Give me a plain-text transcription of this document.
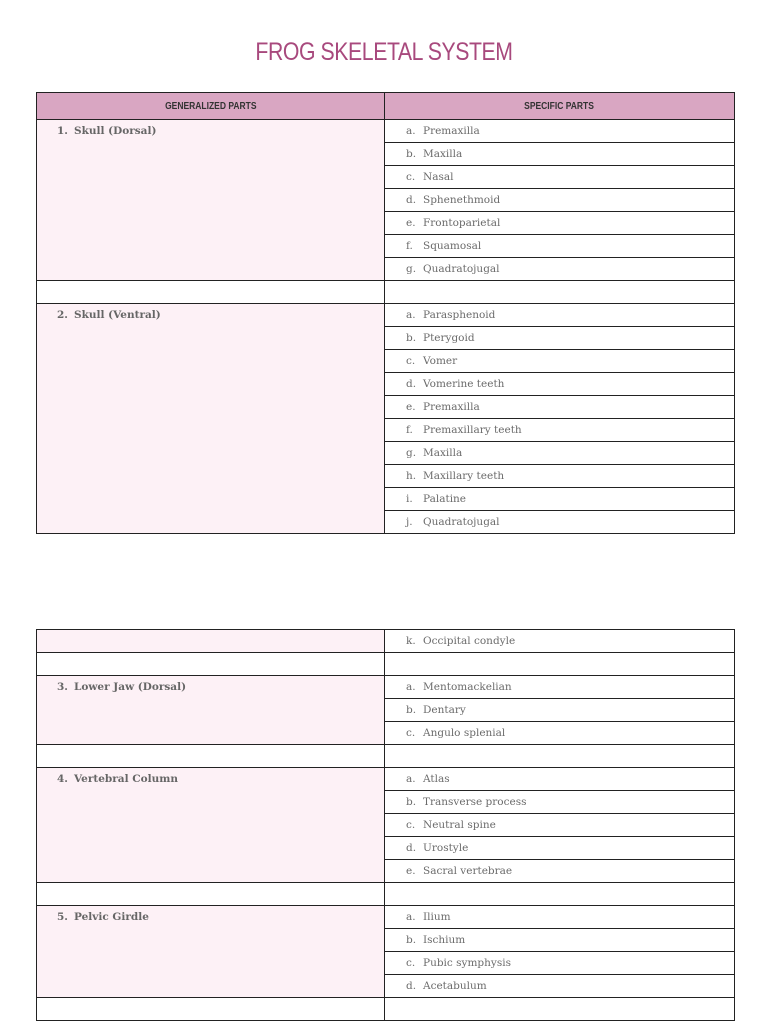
FROG SKELETAL SYSTEM
GENERALIZED PARTS	SPECIFIC PARTS
1. Skull (Dorsal)	a. Premaxilla
	b. Maxilla
	c. Nasal
	d. Sphenethmoid
	e. Frontoparietal
	f. Squamosal
	g. Quadratojugal

2. Skull (Ventral)	a. Parasphenoid
	b. Pterygoid
	c. Vomer
	d. Vomerine teeth
	e. Premaxilla
	f. Premaxillary teeth
	g. Maxilla
	h. Maxillary teeth
	i. Palatine
	j. Quadratojugal
	k. Occipital condyle

3. Lower Jaw (Dorsal)	a. Mentomackelian
	b. Dentary
	c. Angulo splenial

4. Vertebral Column	a. Atlas
	b. Transverse process
	c. Neutral spine
	d. Urostyle
	e. Sacral vertebrae

5. Pelvic Girdle	a. Ilium
	b. Ischium
	c. Pubic symphysis
	d. Acetabulum
